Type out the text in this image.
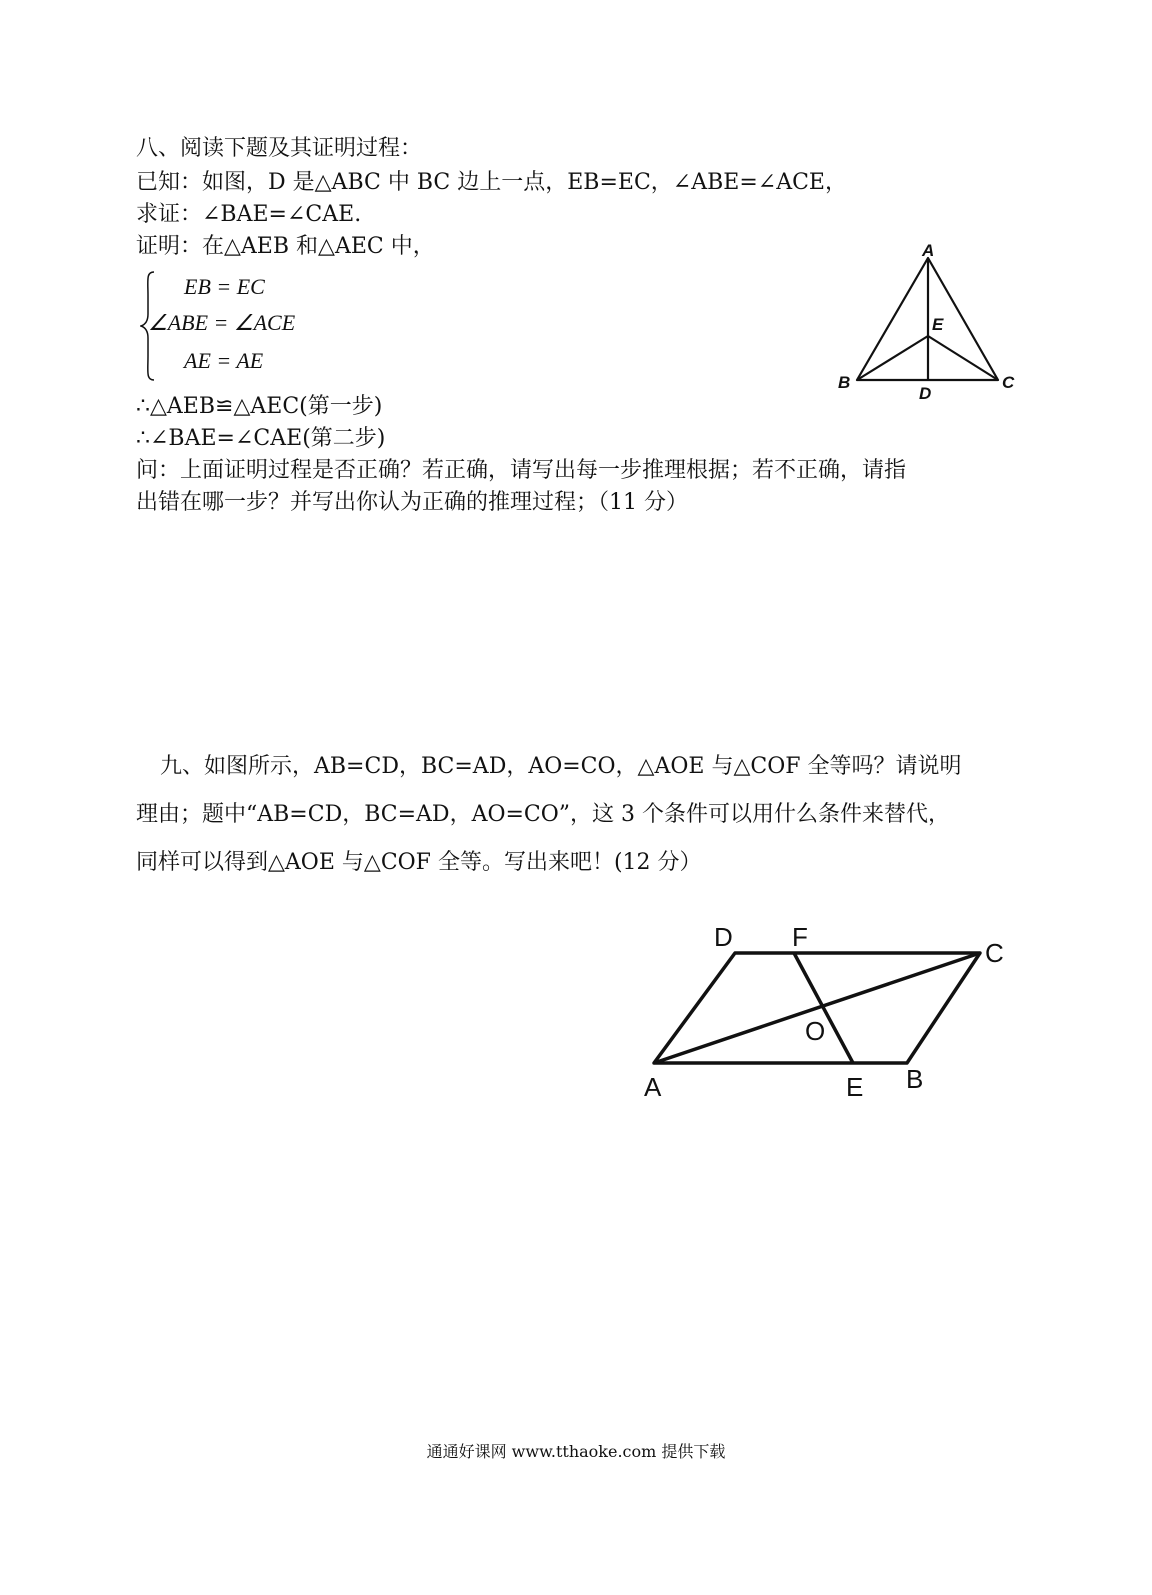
八、阅读下题及其证明过程：

已知：如图，D 是△ABC 中 BC 边上一点，EB=EC，∠ABE=∠ACE，

求证：∠BAE=∠CAE.

证明：在△AEB 和△AEC 中，

EB = EC
∠ABE = ∠ACE
AE = AE

∴△AEB≌△AEC(第一步)

∴∠BAE=∠CAE(第二步)

问：上面证明过程是否正确？若正确，请写出每一步推理根据；若不正确，请指

出错在哪一步？并写出你认为正确的推理过程；（11 分）

A
B	C
D
E

九、如图所示，AB=CD，BC=AD，AO=CO，△AOE 与△COF 全等吗？请说明

理由；题中“AB=CD，BC=AD，AO=CO”，这 3 个条件可以用什么条件来替代，

同样可以得到△AOE 与△COF 全等。写出来吧！(12 分）

A	B
C
D
E
F
O
通通好课网 www.tthaoke.com 提供下载
